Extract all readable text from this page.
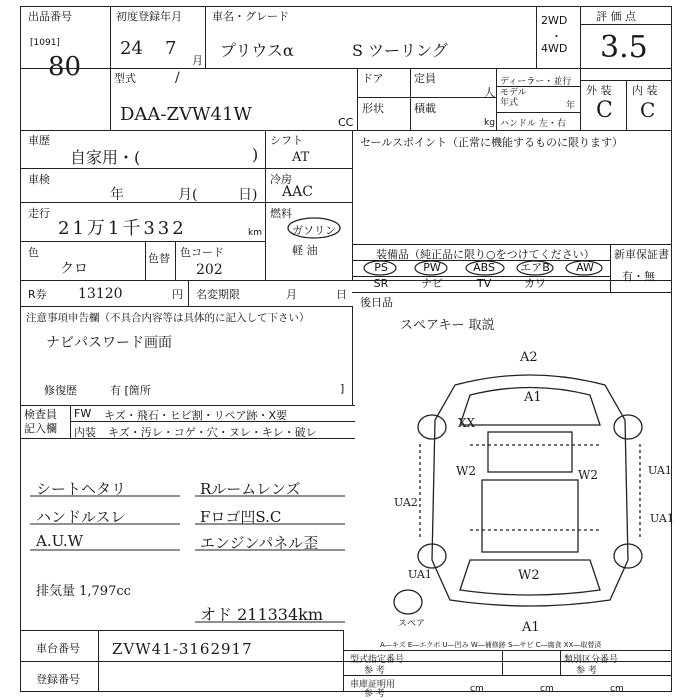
出品番号
[1091]
80
初度登録年月
24 7
月
車名・グレード
プリウスα	S ツーリング
2WD
・
4WD
評 価 点
3.5
型式	/
DAA-ZVW41W	CC
ドア	定員
人
形状	積載
kg
ディーラー・並行
モデル
年式	年
ハンドル 左・右
外 装 内 装
C C
車歴
自家用・(	)
車検
年	月(	日)
走行
21万1千332	km
色
クロ
色替 色コード
202
R券 13120	円 名変期限	月	日
注意事項申告欄（不具合内容等は具体的に記入して下さい）
ナビパスワード画面
修復歴	有 [箇所	]
検査員
記入欄
FW キズ・飛石・ヒビ割・リペア跡・X要
内装 キズ・汚レ・コゲ・穴・ヌレ・キレ・破レ
シフト
AT
冷房
AAC
燃料
ガソリン
軽 油
セールスポイント（正常に機能するものに限ります）
装備品（純正品に限り○をつけてください） 新車保証書
有・無
PS	PW	ABS	エアB	AW
SR	ナビ	TV	カワ
後日品
スペアキー 取説
シートヘタリ
ハンドルスレ
A.U.W
排気量 1,797cc
Rルームレンズ
Fロゴ凹S.C
エンジンパネル歪
オド 211334km
A2
A1
XX
W2	W2	UA1
UA1
UA2
UA1	W2
A1
スペア
A―キズ E―エクボ U―凹み W―補修跡 S―サビ C―腐食 XX―取替済
車台番号 ZVW41-3162917
登録番号
型式指定番号
参 考
類別区分番号
参 考
車庫証明用
参 考	cm	cm	cm
